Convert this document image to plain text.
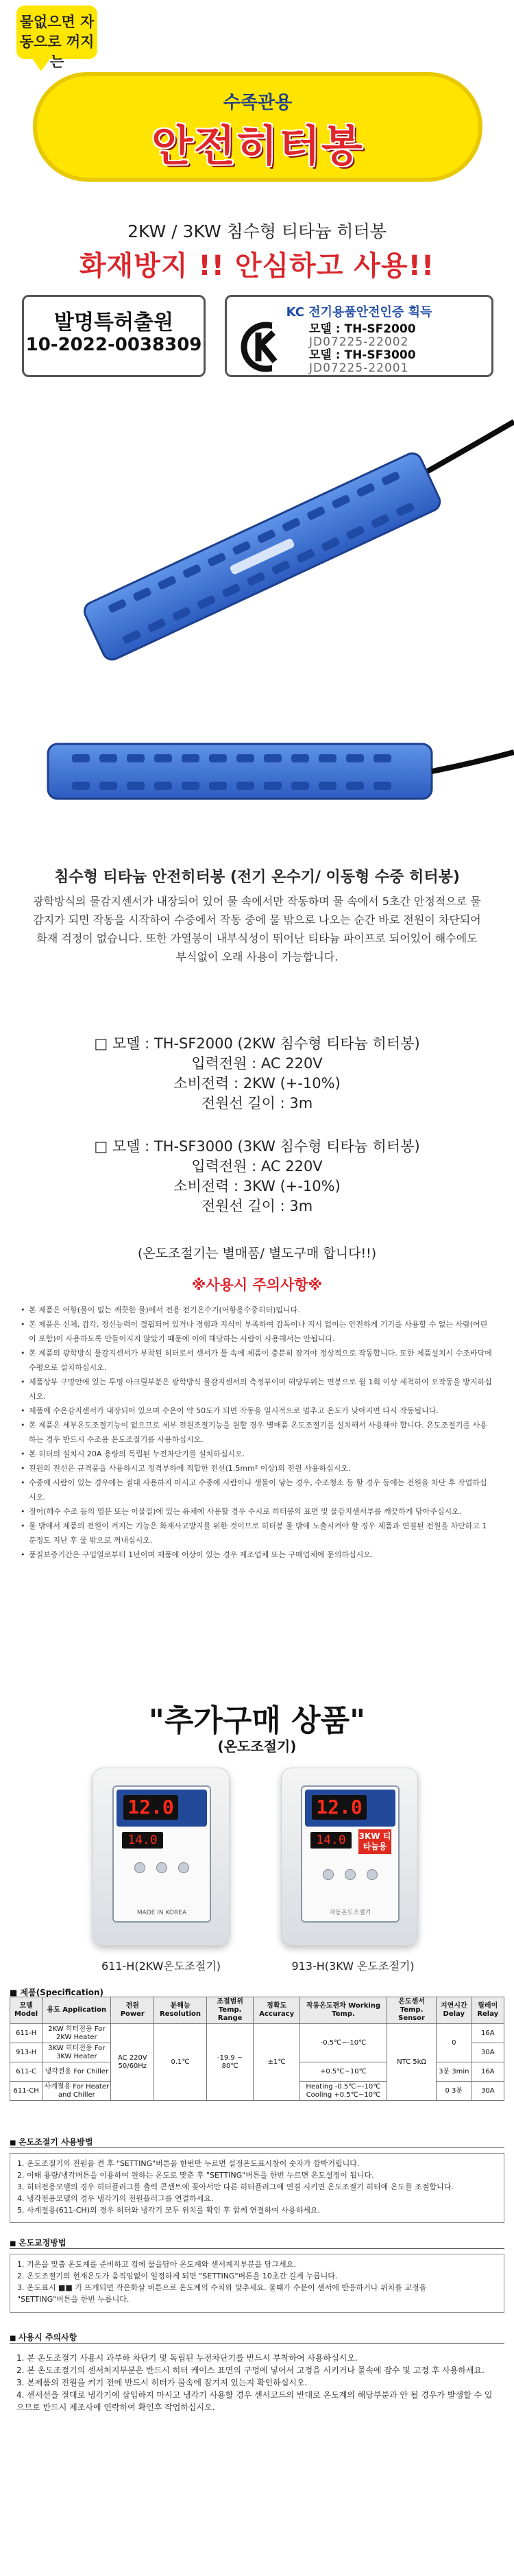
물없으면 자동으로 꺼지는
수족관용
안전히터봉
2KW / 3KW 침수형 티타늄 히터봉
화재방지 !! 안심하고 사용!!
발명특허출원
10-2022-0038309
KC 전기용품안전인증 획득
모델 : TH-SF2000
JD07225-22002
모델 : TH-SF3000
JD07225-22001
침수형 티타늄 안전히터봉 (전기 온수기/ 이동형 수중 히터봉)
광학방식의 물감지센서가 내장되어 있어 물 속에서만 작동하며 물 속에서 5초간 안정적으로 물감지가 되면 작동을 시작하여 수중에서 작동 중에 물 밖으로 나오는 순간 바로 전원이 차단되어 화재 걱정이 없습니다. 또한 가열봉이 내부식성이 뛰어난 티타늄 파이프로 되어있어 해수에도 부식없이 오래 사용이 가능합니다.
□ 모델 : TH-SF2000 (2KW 침수형 티타늄 히터봉)
입력전원 : AC 220V
소비전력 : 2KW (+-10%)
전원선 길이 : 3m
□ 모델 : TH-SF3000 (3KW 침수형 티타늄 히터봉)
입력전원 : AC 220V
소비전력 : 3KW (+-10%)
전원선 길이 : 3m
(온도조절기는 별매품/ 별도구매 합니다!!)
※사용시 주의사항※
• 본 제품은 어항(물이 없는 깨끗한 물)에서 전용 전기온수기(어항용수중히터)입니다.
• 본 제품은 신체, 감각, 정신능력이 결핍되어 있거나 경험과 지식이 부족하여 감독이나 지시 없이는 안전하게 기기를 사용할 수 없는 사람(어린이 포함)이 사용하도록 만들어지지 않았기 때문에 이에 해당하는 사람이 사용해서는 안됩니다.
• 본 제품의 광학방식 물감지센서가 부착된 히터로서 센서가 물 속에 제품이 충분히 잠겨야 정상적으로 작동합니다. 또한 제품설치시 수조바닥에 수평으로 설치하십시오.
• 제품상부 구멍안에 있는 투명 아크릴부분은 광학방식 물감지센서의 측정부이며 해당부위는 면봉으로 월 1회 이상 세척하여 오작동을 방지하십시오.
• 제품에 수온감지센서가 내장되어 있으며 수온이 약 50도가 되면 작동을 일시적으로 멈추고 온도가 낮아지면 다시 작동됩니다.
• 본 제품은 세부온도조절기능이 없으므로 세부 전원조절기능을 원할 경우 별매품 온도조절기를 설치해서 사용해야 합니다. 온도조절기를 사용하는 경우 반드시 수조용 온도조절기를 사용하십시오.
• 본 히터의 설치시 20A 용량의 독립된 누전차단기를 설치하십시오.
• 전원의 전선은 규격품을 사용하시고 정격부하에 적합한 전선(1.5mm² 이상)의 전원 사용하십시오.
• 수중에 사람이 있는 경우에는 절대 사용하지 마시고 수중에 사람이나 생물이 닿는 경우, 수조청소 등 할 경우 등에는 전원을 차단 후 작업하십시오.
• 정어(해수 수조 등의 염분 또는 이물질)에 있는 유체에 사용할 경우 수시로 히터봉의 표면 및 물감지센서부를 깨끗하게 닦아주십시오.
• 물 밖에서 제품의 전원이 켜지는 기능은 화재사고방지를 위한 것이므로 히터봉 물 밖에 노출시켜야 할 경우 제품과 연결된 전원을 차단하고 1분정도 지난 후 물 밖으로 꺼내십시오.
• 품질보증기간은 구입일로부터 1년이며 제품에 이상이 있는 경우 제조업체 또는 구매업체에 문의하십시오.
"추가구매 상품"
(온도조절기)
12.0
14.0
MADE IN KOREA
12.0
14.0	3KW 티타늄용
자동온도조절기
611-H(2KW온도조절기)	913-H(3KW 온도조절기)
■ 제품(Specification)
모델 Model	용도 Application	전원 Power	분해능 Resolution	조절범위 Temp. Range	정확도 Accuracy	작동온도편차 Working Temp.	온도센서 Temp. Sensor	지연시간 Delay	릴레이 Relay
611-H	2KW 히터전용 For 2KW Heater	AC 220V 50/60Hz	0.1℃	-19.9 ~ 80℃	±1℃	-0.5℃~-10℃	NTC 5kΩ	0	16A
913-H	3KW 히터전용 For 3KW Heater								30A
611-C	냉각전용 For Chiller					+0.5℃~10℃		3분 3min	16A
611-CH	사계절용 For Heater and Chiller					Heating -0.5℃~-10℃ Cooling +0.5℃~10℃		0 3분	30A
■ 온도조절기 사용방법
1. 온도조절기의 전원을 켠 후 "SETTING"버튼을 한번만 누르면 설정온도표시창이 숫자가 깜박거립니다.
2. 이때 용량/냉각버튼을 이용하여 원하는 온도로 맞춘 후 "SETTING"버튼을 한번 누르면 온도설정이 됩니다.
3. 히터전용모델의 경우 히터플러그를 출력 콘센트에 꽂아서만 다른 히터플러그에 연결 시키면 온도조절기 히터에 온도를 조절합니다.
4. 냉각전용모델의 경우 냉각기의 전원플러그를 연결하세요.
5. 사계절용(611-CH)의 경우 히터와 냉각기 모두 위치를 확인 후 함께 연결하여 사용하세요.
■ 온도교정방법
1. 기온을 맞출 온도계를 준비하고 컵에 물을담아 온도계와 센서계지부분을 담그세요.
2. 온도조절기의 현재온도가 움직임없이 일정하게 되면 "SETTING"버튼을 10초간 길게 누릅니다.
3. 온도표시 ■■ 가 뜨게되면 작은화살 버튼으로 온도계의 수치와 맞추세요. 물때가 수분이 센서에 반응하거나 위치를 교정을
"SETTING"버튼을 한번 누릅니다.
■ 사용시 주의사항
1. 본 온도조절기 사용시 과부하 차단기 및 독립된 누전차단기를 반드시 부착하여 사용하십시오.
2. 본 온도조절기의 센서처지부분은 반드시 히터 케이스 표면의 구멍에 넣어서 고정을 시키거나 물속에 잠수 및 고정 후 사용하세요.
3. 본제품의 전원을 켜기 전에 반드시 히터가 물속에 잠겨져 있는지 확인하십시오.
4. 센서선을 절대로 냉각기에 삽입하지 마시고 냉각기 사용할 경우 센서코드의 반대로 온도계의 해당부분과 안 될 경우가 발생할 수 있으므로 반드시 제조사에 연락하여 확인후 작업하십시오.
